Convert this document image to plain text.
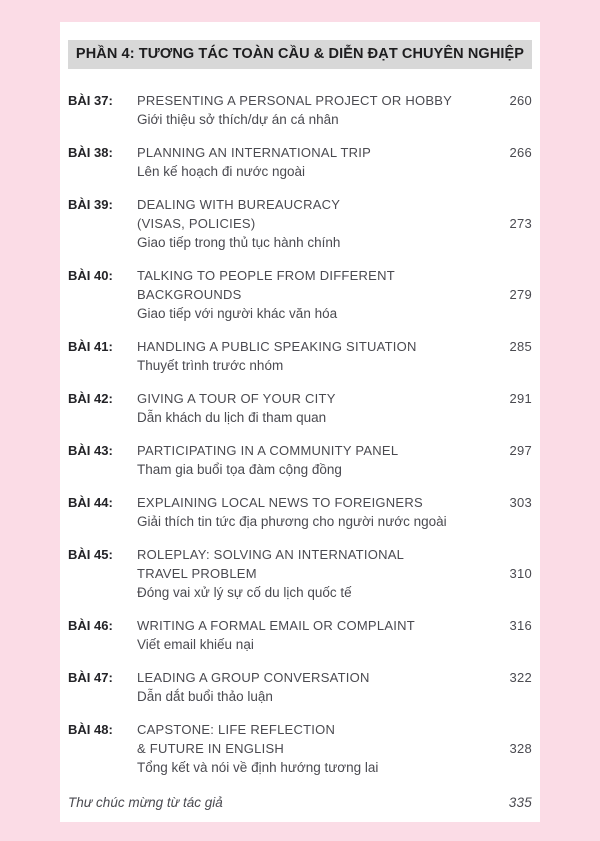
PHẦN 4: TƯƠNG TÁC TOÀN CẦU & DIỄN ĐẠT CHUYÊN NGHIỆP
BÀI 37:	PRESENTING A PERSONAL PROJECT OR HOBBY	260
Giới thiệu sở thích/dự án cá nhân
BÀI 38:	PLANNING AN INTERNATIONAL TRIP	266
Lên kế hoạch đi nước ngoài
BÀI 39:	DEALING WITH BUREAUCRACY
(VISAS, POLICIES)	273
Giao tiếp trong thủ tục hành chính
BÀI 40:	TALKING TO PEOPLE FROM DIFFERENT
BACKGROUNDS	279
Giao tiếp với người khác văn hóa
BÀI 41:	HANDLING A PUBLIC SPEAKING SITUATION	285
Thuyết trình trước nhóm
BÀI 42:	GIVING A TOUR OF YOUR CITY	291
Dẫn khách du lịch đi tham quan
BÀI 43:	PARTICIPATING IN A COMMUNITY PANEL	297
Tham gia buổi tọa đàm cộng đồng
BÀI 44:	EXPLAINING LOCAL NEWS TO FOREIGNERS	303
Giải thích tin tức địa phương cho người nước ngoài
BÀI 45:	ROLEPLAY: SOLVING AN INTERNATIONAL
TRAVEL PROBLEM	310
Đóng vai xử lý sự cố du lịch quốc tế
BÀI 46:	WRITING A FORMAL EMAIL OR COMPLAINT	316
Viết email khiếu nại
BÀI 47:	LEADING A GROUP CONVERSATION	322
Dẫn dắt buổi thảo luận
BÀI 48:	CAPSTONE: LIFE REFLECTION
& FUTURE IN ENGLISH	328
Tổng kết và nói về định hướng tương lai
Thư chúc mừng từ tác giả	335
